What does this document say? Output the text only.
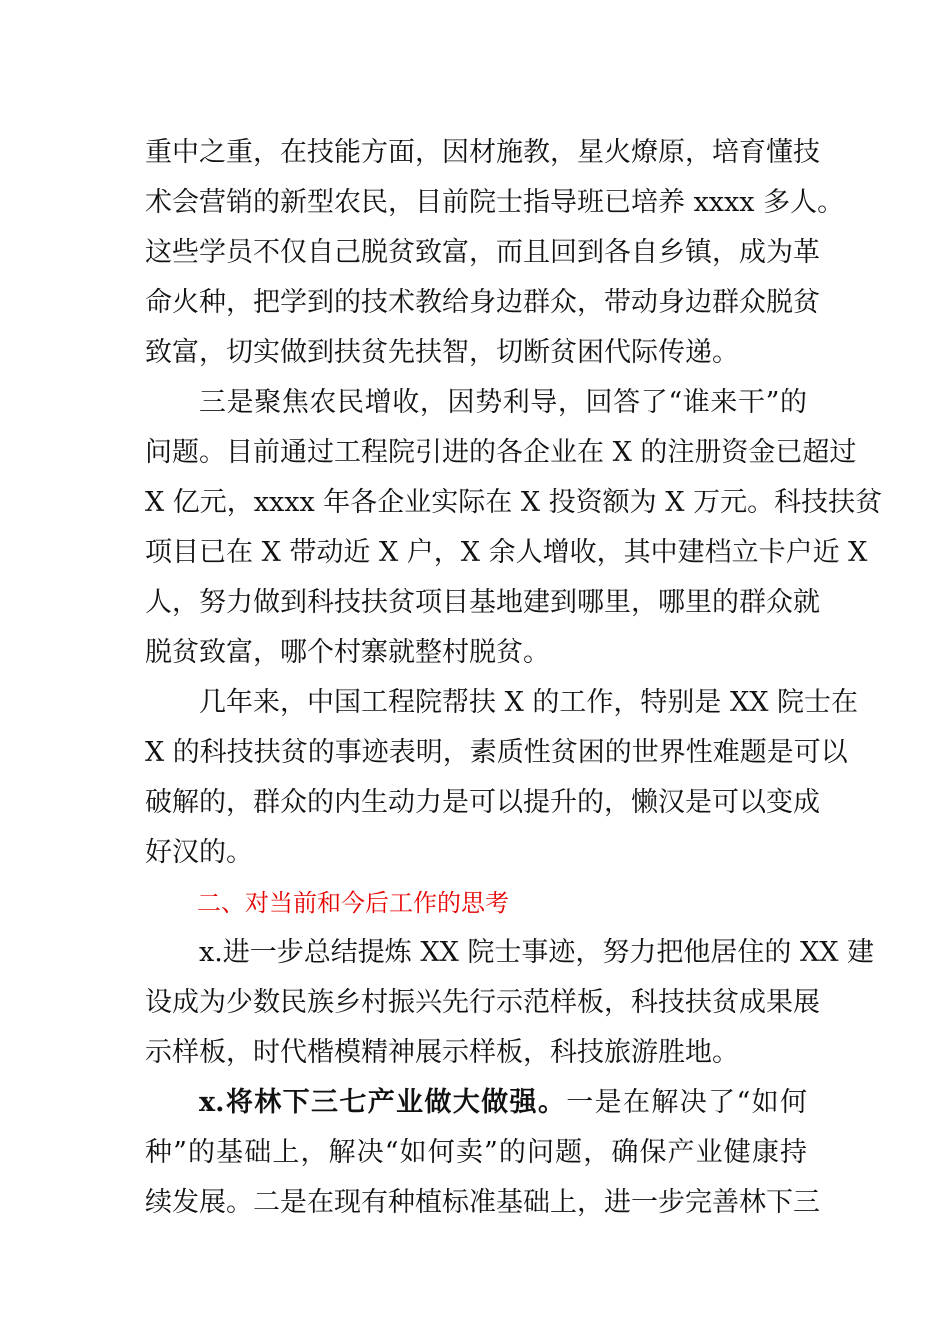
重中之重，在技能方面，因材施教，星火燎原，培育懂技
术会营销的新型农民，目前院士指导班已培养 xxxx 多人。
这些学员不仅自己脱贫致富，而且回到各自乡镇，成为革
命火种，把学到的技术教给身边群众，带动身边群众脱贫
致富，切实做到扶贫先扶智，切断贫困代际传递。
三是聚焦农民增收，因势利导，回答了“谁来干”的
问题。目前通过工程院引进的各企业在 X 的注册资金已超过
X 亿元，xxxx 年各企业实际在 X 投资额为 X 万元。科技扶贫
项目已在 X 带动近 X 户，X 余人增收，其中建档立卡户近 X
人，努力做到科技扶贫项目基地建到哪里，哪里的群众就
脱贫致富，哪个村寨就整村脱贫。
几年来，中国工程院帮扶 X 的工作，特别是 XX 院士在
X 的科技扶贫的事迹表明，素质性贫困的世界性难题是可以
破解的，群众的内生动力是可以提升的，懒汉是可以变成
好汉的。
二、对当前和今后工作的思考
x.进一步总结提炼 XX 院士事迹，努力把他居住的 XX 建
设成为少数民族乡村振兴先行示范样板，科技扶贫成果展
示样板，时代楷模精神展示样板，科技旅游胜地。
x.将林下三七产业做大做强。一是在解决了“如何
种”的基础上，解决“如何卖”的问题，确保产业健康持
续发展。二是在现有种植标准基础上，进一步完善林下三
